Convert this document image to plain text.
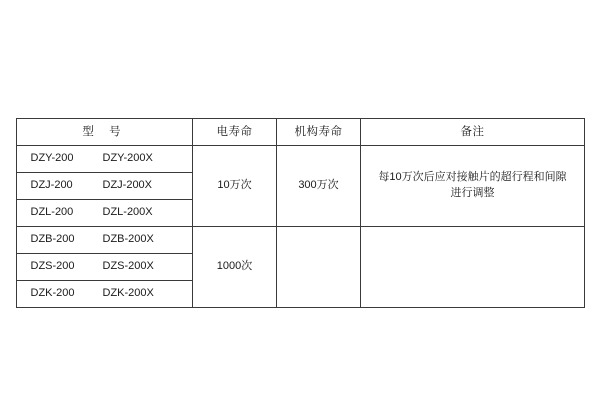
型 号	电寿命	机构寿命	备注
DZY-200 DZY-200X	10万次	300万次	每10万次后应对接触片的超行程和间隙
进行调整

DZJ-200 DZJ-200X			
DZL-200 DZL-200X			
DZB-200 DZB-200X	1000次		
DZS-200 DZS-200X			
DZK-200 DZK-200X			
